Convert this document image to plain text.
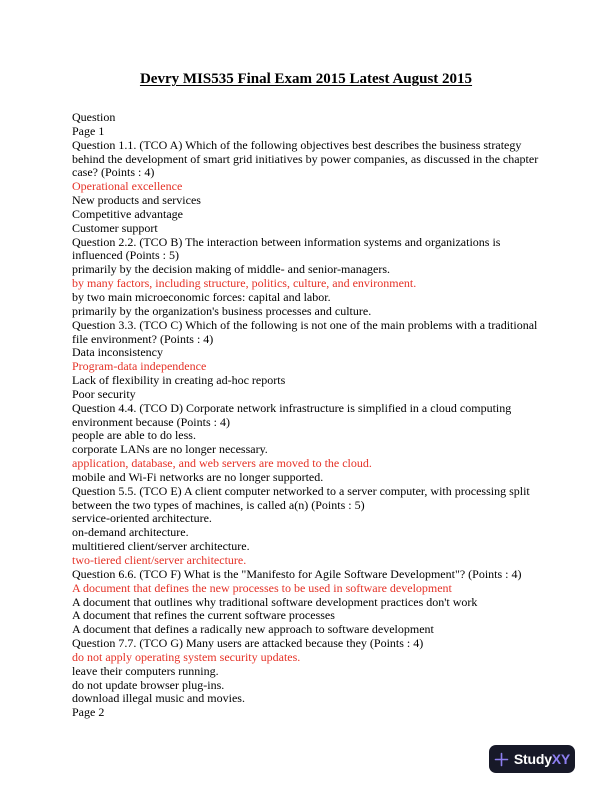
Devry MIS535 Final Exam 2015 Latest August 2015
Question
Page 1
Question 1.1. (TCO A) Which of the following objectives best describes the business strategy
behind the development of smart grid initiatives by power companies, as discussed in the chapter
case? (Points : 4)
Operational excellence
New products and services
Competitive advantage
Customer support
Question 2.2. (TCO B) The interaction between information systems and organizations is
influenced (Points : 5)
primarily by the decision making of middle- and senior-managers.
by many factors, including structure, politics, culture, and environment.
by two main microeconomic forces: capital and labor.
primarily by the organization's business processes and culture.
Question 3.3. (TCO C) Which of the following is not one of the main problems with a traditional
file environment? (Points : 4)
Data inconsistency
Program-data independence
Lack of flexibility in creating ad-hoc reports
Poor security
Question 4.4. (TCO D) Corporate network infrastructure is simplified in a cloud computing
environment because (Points : 4)
people are able to do less.
corporate LANs are no longer necessary.
application, database, and web servers are moved to the cloud.
mobile and Wi-Fi networks are no longer supported.
Question 5.5. (TCO E) A client computer networked to a server computer, with processing split
between the two types of machines, is called a(n) (Points : 5)
service-oriented architecture.
on-demand architecture.
multitiered client/server architecture.
two-tiered client/server architecture.
Question 6.6. (TCO F) What is the "Manifesto for Agile Software Development"? (Points : 4)
A document that defines the new processes to be used in software development
A document that outlines why traditional software development practices don't work
A document that refines the current software processes
A document that defines a radically new approach to software development
Question 7.7. (TCO G) Many users are attacked because they (Points : 4)
do not apply operating system security updates.
leave their computers running.
do not update browser plug-ins.
download illegal music and movies.
Page 2
StudyXY
